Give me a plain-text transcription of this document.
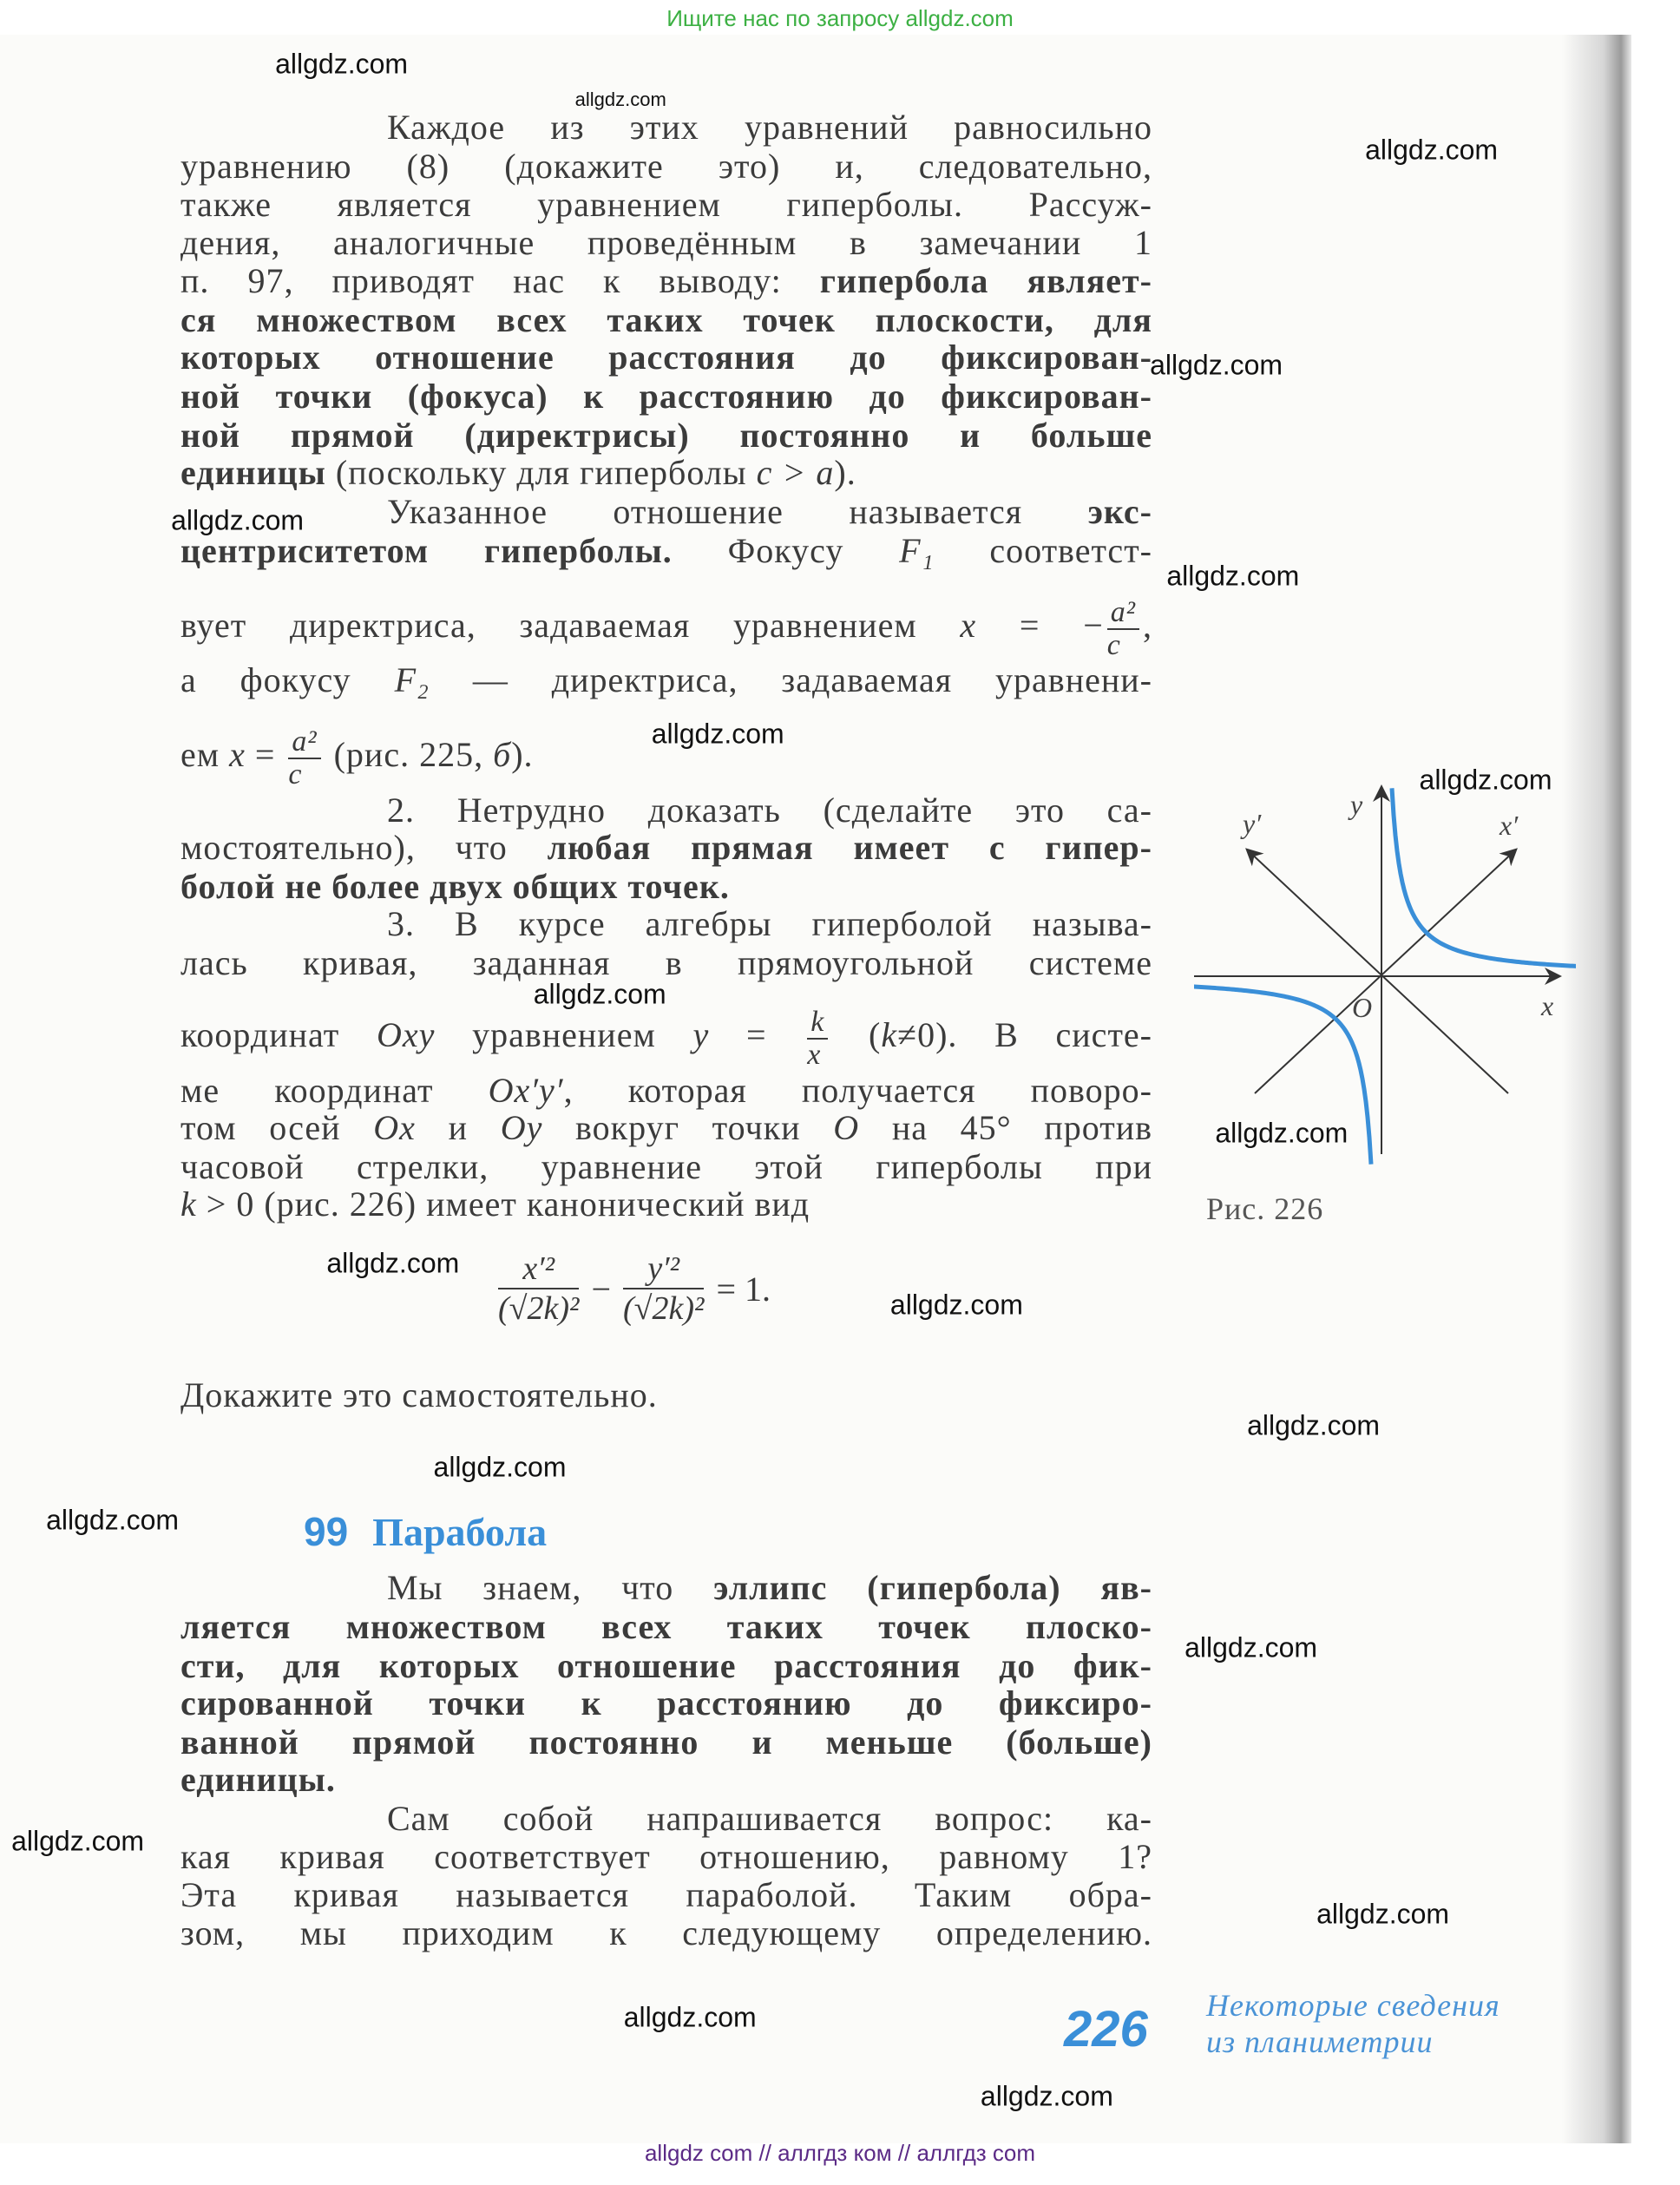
Ищите нас по запросу allgdz.com
Каждое из этих уравнений равносильно
уравнению (8) (докажите это) и, следовательно,
также является уравнением гиперболы. Рассуж-
дения, аналогичные проведённым в замечании 1
п. 97, приводят нас к выводу: гипербола являет-
ся множеством всех таких точек плоскости, для
которых отношение расстояния до фиксирован-
ной точки (фокуса) к расстоянию до фиксирован-
ной прямой (директрисы) постоянно и больше
единицы (поскольку для гиперболы c > a).
Указанное отношение называется экс-
центриситетом гиперболы. Фокусу F₁ соответст-
вует директриса, задаваемая уравнением x = − $\frac{\text{a²}}{c}$ ,
а фокусу F₂ — директриса, задаваемая уравнени-
ем $x = \frac{\text{a²}}{c} (рис$. 225, б).
2. Нетрудно доказать (сделайте это са-
мостоятельно), что любая прямая имеет с гипер-
болой не более двух общих точек.
3. В курсе алгебры гиперболой называ-
лась кривая, заданная в прямоугольной системе
координат Oxy уравнением $y = \frac{k}{x} (k\ne 0)$. В систе-
ме координат Ox′y′, которая получается поворо-
том осей Ox и Oy вокруг точки O на 45° против
часовой стрелки, уравнение этой гиперболы при
k > 0 (рис. 226) имеет канонический вид
Докажите это самостоятельно.
Мы знаем, что эллипс (гипербола) яв-
ляется множеством всех таких точек плоско-
сти, для которых отношение расстояния до фик-
сированной точки к расстоянию до фиксиро-
ванной прямой постоянно и меньше (больше)
единицы.
Сам собой напрашивается вопрос: ка-
кая кривая соответствует отношению, равному 1?
Эта кривая называется параболой. Таким обра-
зом, мы приходим к следующему определению.
$\frac{\text{x′²}}{\text{(√2k)²}} - \frac{\text{y′²}}{\text{(√2k)²}} = 1$.
99 Парабола
y
y′	x′
x
O
Рис. 226
226 Некоторые сведения
из планиметрии
allgdz.com
allgdz.com
allgdz.com
allgdz.com
allgdz.com
allgdz.com
allgdz.com
allgdz.com
allgdz.com
allgdz.com
allgdz.com
allgdz.com
allgdz.com
allgdz.com
allgdz.com
allgdz.com
allgdz.com
allgdz.com
allgdz.com
allgdz.com
allgdz com // аллгдз ком // аллгдз com
